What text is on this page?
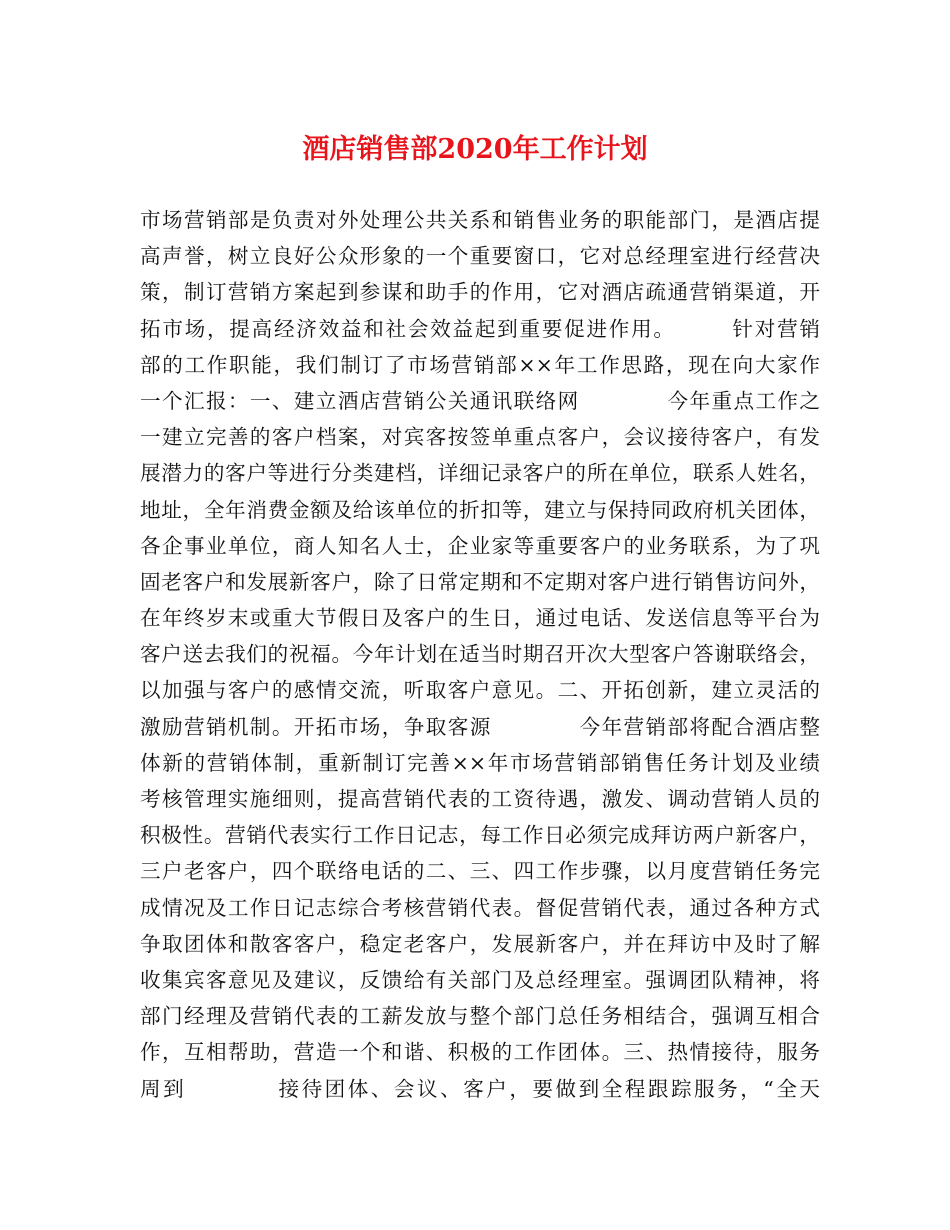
酒店销售部2020年工作计划
市场营销部是负责对外处理公共关系和销售业务的职能部门，是酒店提
高声誉，树立良好公众形象的一个重要窗口，它对总经理室进行经营决
策，制订营销方案起到参谋和助手的作用，它对酒店疏通营销渠道，开
拓市场，提高经济效益和社会效益起到重要促进作用。　　　针对营销
部的工作职能，我们制订了市场营销部××年工作思路，现在向大家作
一个汇报：一、建立酒店营销公关通讯联络网　　　　今年重点工作之
一建立完善的客户档案，对宾客按签单重点客户，会议接待客户，有发
展潜力的客户等进行分类建档，详细记录客户的所在单位，联系人姓名，
地址，全年消费金额及给该单位的折扣等，建立与保持同政府机关团体，
各企事业单位，商人知名人士，企业家等重要客户的业务联系，为了巩
固老客户和发展新客户，除了日常定期和不定期对客户进行销售访问外，
在年终岁末或重大节假日及客户的生日，通过电话、发送信息等平台为
客户送去我们的祝福。今年计划在适当时期召开次大型客户答谢联络会，
以加强与客户的感情交流，听取客户意见。二、开拓创新，建立灵活的
激励营销机制。开拓市场，争取客源　　　　今年营销部将配合酒店整
体新的营销体制，重新制订完善××年市场营销部销售任务计划及业绩
考核管理实施细则，提高营销代表的工资待遇，激发、调动营销人员的
积极性。营销代表实行工作日记志，每工作日必须完成拜访两户新客户，
三户老客户，四个联络电话的二、三、四工作步骤，以月度营销任务完
成情况及工作日记志综合考核营销代表。督促营销代表，通过各种方式
争取团体和散客客户，稳定老客户，发展新客户，并在拜访中及时了解
收集宾客意见及建议，反馈给有关部门及总经理室。强调团队精神，将
部门经理及营销代表的工薪发放与整个部门总任务相结合，强调互相合
作，互相帮助，营造一个和谐、积极的工作团体。三、热情接待，服务
周到　　　　接待团体、会议、客户，要做到全程跟踪服务，“全天
